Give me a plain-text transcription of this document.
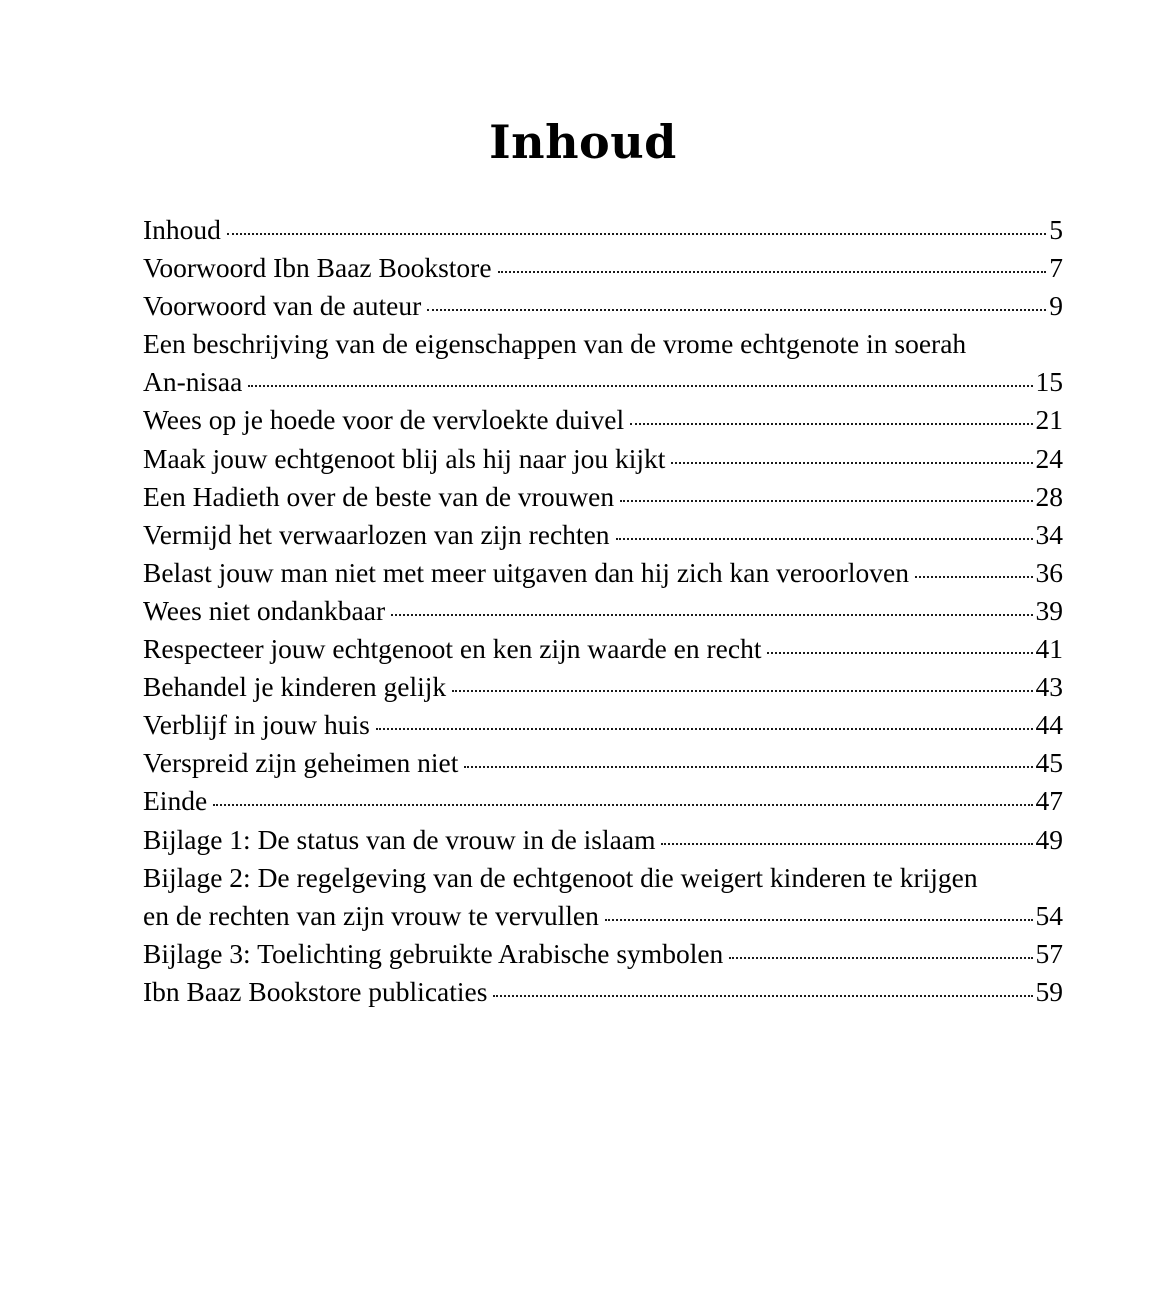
Inhoud
Inhoud	5
Voorwoord Ibn Baaz Bookstore	7
Voorwoord van de auteur	9
Een beschrijving van de eigenschappen van de vrome echtgenote in soerah
An-nisaa	15
Wees op je hoede voor de vervloekte duivel	21
Maak jouw echtgenoot blij als hij naar jou kijkt	24
Een Hadieth over de beste van de vrouwen	28
Vermijd het verwaarlozen van zijn rechten	34
Belast jouw man niet met meer uitgaven dan hij zich kan veroorloven	36
Wees niet ondankbaar	39
Respecteer jouw echtgenoot en ken zijn waarde en recht	41
Behandel je kinderen gelijk	43
Verblijf in jouw huis	44
Verspreid zijn geheimen niet	45
Einde	47
Bijlage 1: De status van de vrouw in de islaam	49
Bijlage 2: De regelgeving van de echtgenoot die weigert kinderen te krijgen
en de rechten van zijn vrouw te vervullen	54
Bijlage 3: Toelichting gebruikte Arabische symbolen	57
Ibn Baaz Bookstore publicaties	59
